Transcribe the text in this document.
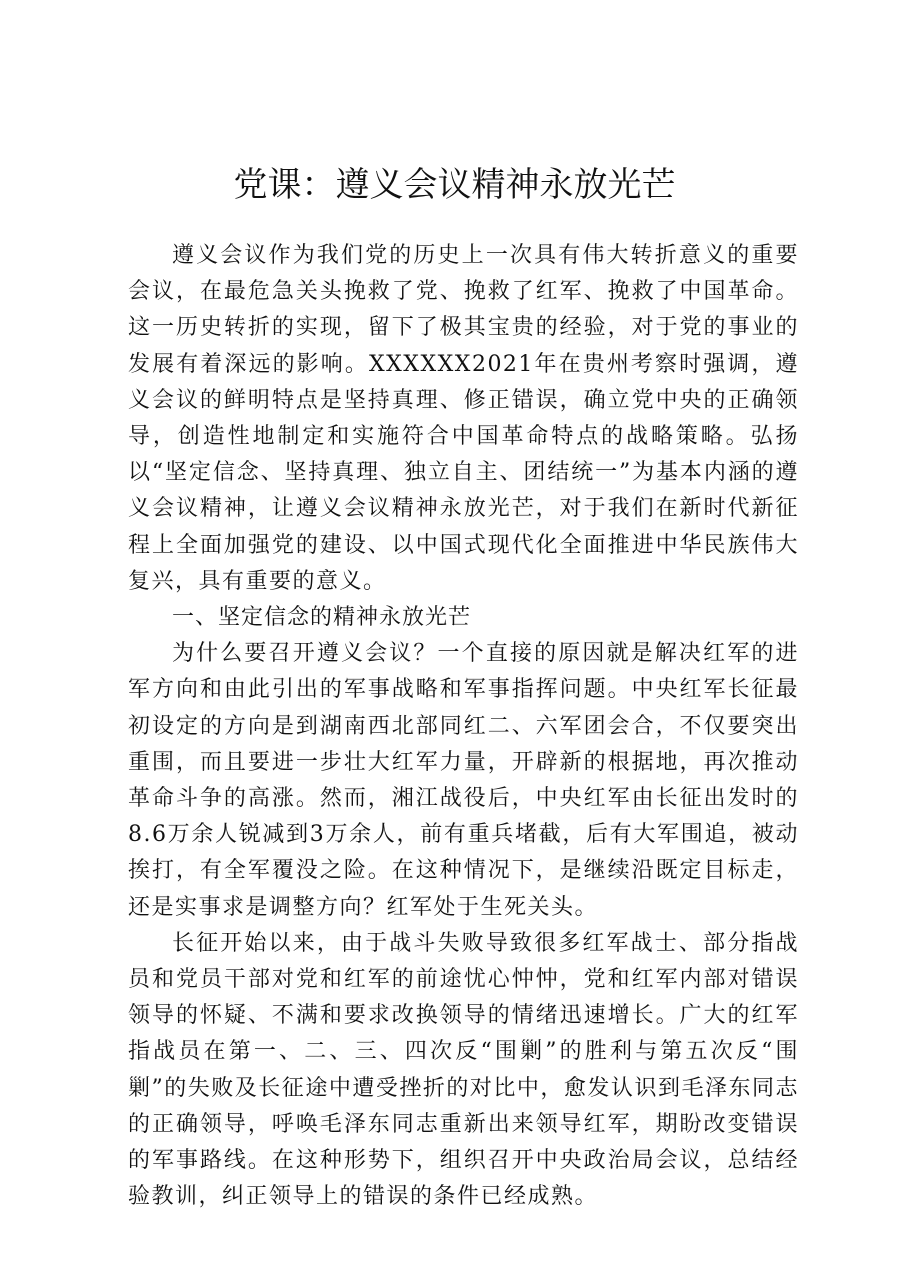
党课：遵义会议精神永放光芒

遵义会议作为我们党的历史上一次具有伟大转折意义的重要会议，在最危急关头挽救了党、挽救了红军、挽救了中国革命。这一历史转折的实现，留下了极其宝贵的经验，对于党的事业的发展有着深远的影响。XXXXXX2021年在贵州考察时强调，遵义会议的鲜明特点是坚持真理、修正错误，确立党中央的正确领导，创造性地制定和实施符合中国革命特点的战略策略。弘扬以“坚定信念、坚持真理、独立自主、团结统一”为基本内涵的遵义会议精神，让遵义会议精神永放光芒，对于我们在新时代新征程上全面加强党的建设、以中国式现代化全面推进中华民族伟大复兴，具有重要的意义。

一、坚定信念的精神永放光芒

为什么要召开遵义会议？一个直接的原因就是解决红军的进军方向和由此引出的军事战略和军事指挥问题。中央红军长征最初设定的方向是到湖南西北部同红二、六军团会合，不仅要突出重围，而且要进一步壮大红军力量，开辟新的根据地，再次推动革命斗争的高涨。然而，湘江战役后，中央红军由长征出发时的8.6万余人锐减到3万余人，前有重兵堵截，后有大军围追，被动挨打，有全军覆没之险。在这种情况下，是继续沿既定目标走，还是实事求是调整方向？红军处于生死关头。

长征开始以来，由于战斗失败导致很多红军战士、部分指战员和党员干部对党和红军的前途忧心忡忡，党和红军内部对错误领导的怀疑、不满和要求改换领导的情绪迅速增长。广大的红军指战员在第一、二、三、四次反“围剿”的胜利与第五次反“围剿”的失败及长征途中遭受挫折的对比中，愈发认识到毛泽东同志的正确领导，呼唤毛泽东同志重新出来领导红军，期盼改变错误的军事路线。在这种形势下，组织召开中央政治局会议，总结经验教训，纠正领导上的错误的条件已经成熟。
